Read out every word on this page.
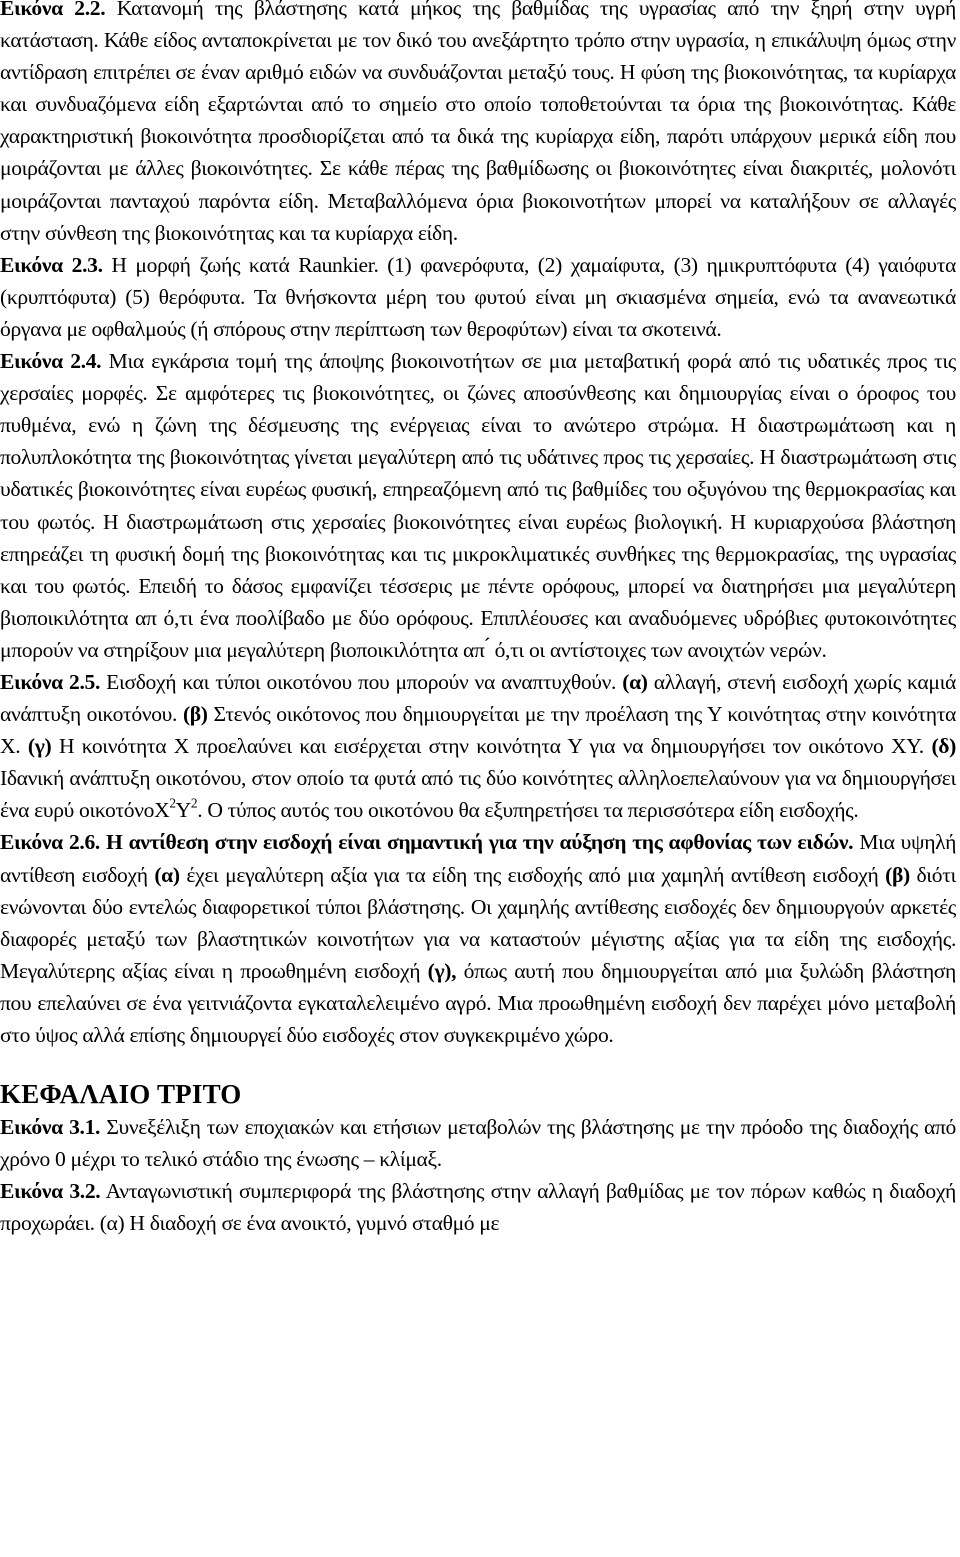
Εικόνα 2.2. Κατανομή της βλάστησης κατά μήκος της βαθμίδας της υγρασίας από την ξηρή στην υγρή κατάσταση. Κάθε είδος ανταποκρίνεται με τον δικό του ανεξάρτητο τρόπο στην υγρασία, η επικάλυψη όμως στην αντίδραση επιτρέπει σε έναν αριθμό ειδών να συνδυάζονται μεταξύ τους. Η φύση της βιοκοινότητας, τα κυρίαρχα και συνδυαζόμενα είδη εξαρτώνται από το σημείο στο οποίο τοποθετούνται τα όρια της βιοκοινότητας. Κάθε χαρακτηριστική βιοκοινότητα προσδιορίζεται από τα δικά της κυρίαρχα είδη, παρότι υπάρχουν μερικά είδη που μοιράζονται με άλλες βιοκοινότητες. Σε κάθε πέρας της βαθμίδωσης οι βιοκοινότητες είναι διακριτές, μολονότι μοιράζονται πανταχού παρόντα είδη. Μεταβαλλόμενα όρια βιοκοινοτήτων μπορεί να καταλήξουν σε αλλαγές στην σύνθεση της βιοκοινότητας και τα κυρίαρχα είδη.

Εικόνα 2.3. Η μορφή ζωής κατά Raunkier. (1) φανερόφυτα, (2) χαμαίφυτα, (3) ημικρυπτόφυτα (4) γαιόφυτα (κρυπτόφυτα) (5) θερόφυτα. Τα θνήσκοντα μέρη του φυτού είναι μη σκιασμένα σημεία, ενώ τα ανανεωτικά όργανα με οφθαλμούς (ή σπόρους στην περίπτωση των θεροφύτων) είναι τα σκοτεινά.

Εικόνα 2.4. Μια εγκάρσια τομή της άποψης βιοκοινοτήτων σε μια μεταβατική φορά από τις υδατικές προς τις χερσαίες μορφές. Σε αμφότερες τις βιοκοινότητες, οι ζώνες αποσύνθεσης και δημιουργίας είναι ο όροφος του πυθμένα, ενώ η ζώνη της δέσμευσης της ενέργειας είναι το ανώτερο στρώμα. Η διαστρωμάτωση και η πολυπλοκότητα της βιοκοινότητας γίνεται μεγαλύτερη από τις υδάτινες προς τις χερσαίες. Η διαστρωμάτωση στις υδατικές βιοκοινότητες είναι ευρέως φυσική, επηρεαζόμενη από τις βαθμίδες του οξυγόνου της θερμοκρασίας και του φωτός. Η διαστρωμάτωση στις χερσαίες βιοκοινότητες είναι ευρέως βιολογική. Η κυριαρχούσα βλάστηση επηρεάζει τη φυσική δομή της βιοκοινότητας και τις μικροκλιματικές συνθήκες της θερμοκρασίας, της υγρασίας και του φωτός. Επειδή το δάσος εμφανίζει τέσσερις με πέντε ορόφους, μπορεί να διατηρήσει μια μεγαλύτερη βιοποικιλότητα απ ό,τι ένα ποολίβαδο με δύο ορόφους. Επιπλέουσες και αναδυόμενες υδρόβιες φυτοκοινότητες μπορούν να στηρίξουν μια μεγαλύτερη βιοποικιλότητα απ ́ ό,τι οι αντίστοιχες των ανοιχτών νερών.

Εικόνα 2.5. Εισδοχή και τύποι οικοτόνου που μπορούν να αναπτυχθούν. (α) αλλαγή, στενή εισδοχή χωρίς καμιά ανάπτυξη οικοτόνου. (β) Στενός οικότονος που δημιουργείται με την προέλαση της Υ κοινότητας στην κοινότητα Χ. (γ) Η κοινότητα Χ προελαύνει και εισέρχεται στην κοινότητα Υ για να δημιουργήσει τον οικότονο ΧΥ. (δ) Ιδανική ανάπτυξη οικοτόνου, στον οποίο τα φυτά από τις δύο κοινότητες αλληλοεπελαύνουν για να δημιουργήσει ένα ευρύ $o\iota\kappa o\tau ό\nu oX^2\Upsilon^2$. Ο τύπος αυτός του οικοτόνου θα εξυπηρετήσει τα περισσότερα είδη εισδοχής.

Εικόνα 2.6. Η αντίθεση στην εισδοχή είναι σημαντική για την αύξηση της αφθονίας των ειδών. Μια υψηλή αντίθεση εισδοχή (α) έχει μεγαλύτερη αξία για τα είδη της εισδοχής από μια χαμηλή αντίθεση εισδοχή (β) διότι ενώνονται δύο εντελώς διαφορετικοί τύποι βλάστησης. Οι χαμηλής αντίθεσης εισδοχές δεν δημιουργούν αρκετές διαφορές μεταξύ των βλαστητικών κοινοτήτων για να καταστούν μέγιστης αξίας για τα είδη της εισδοχής. Μεγαλύτερης αξίας είναι η προωθημένη εισδοχή (γ), όπως αυτή που δημιουργείται από μια ξυλώδη βλάστηση που επελαύνει σε ένα γειτνιάζοντα εγκαταλελειμένο αγρό. Μια προωθημένη εισδοχή δεν παρέχει μόνο μεταβολή στο ύψος αλλά επίσης δημιουργεί δύο εισδοχές στον συγκεκριμένο χώρο.

ΚΕΦΑΛΑΙΟ ΤΡΙΤΟ

Εικόνα 3.1. Συνεξέλιξη των εποχιακών και ετήσιων μεταβολών της βλάστησης με την πρόοδο της διαδοχής από χρόνο 0 μέχρι το τελικό στάδιο της ένωσης – κλίμαξ.

Εικόνα 3.2. Ανταγωνιστική συμπεριφορά της βλάστησης στην αλλαγή βαθμίδας με τον πόρων καθώς η διαδοχή προχωράει. (α) Η διαδοχή σε ένα ανοικτό, γυμνό σταθμό με
